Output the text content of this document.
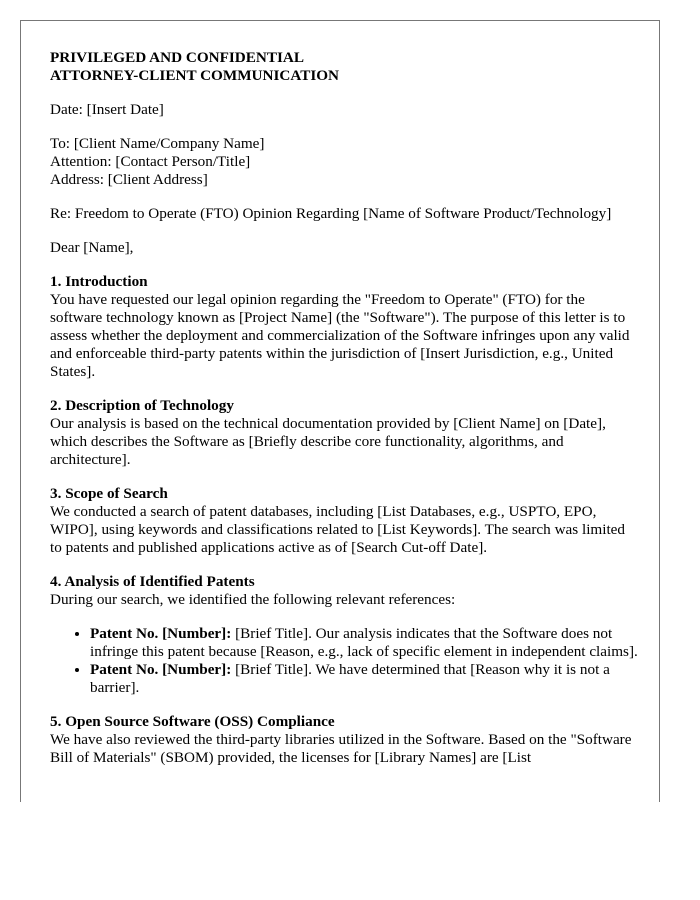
PRIVILEGED AND CONFIDENTIAL
ATTORNEY-CLIENT COMMUNICATION

Date: [Insert Date]

To: [Client Name/Company Name]
Attention: [Contact Person/Title]
Address: [Client Address]

Re: Freedom to Operate (FTO) Opinion Regarding [Name of Software Product/Technology]

Dear [Name],

1. Introduction

You have requested our legal opinion regarding the "Freedom to Operate" (FTO) for the software technology known as [Project Name] (the "Software"). The purpose of this letter is to assess whether the deployment and commercialization of the Software infringes upon any valid and enforceable third-party patents within the jurisdiction of [Insert Jurisdiction, e.g., United States].

2. Description of Technology

Our analysis is based on the technical documentation provided by [Client Name] on [Date], which describes the Software as [Briefly describe core functionality, algorithms, and architecture].

3. Scope of Search

We conducted a search of patent databases, including [List Databases, e.g., USPTO, EPO, WIPO], using keywords and classifications related to [List Keywords]. The search was limited to patents and published applications active as of [Search Cut-off Date].

4. Analysis of Identified Patents

During our search, we identified the following relevant references:

• Patent No. [Number]: [Brief Title]. Our analysis indicates that the Software does not infringe this patent because [Reason, e.g., lack of specific element in independent claims].
• Patent No. [Number]: [Brief Title]. We have determined that [Reason why it is not a barrier].
5. Open Source Software (OSS) Compliance

We have also reviewed the third-party libraries utilized in the Software. Based on the "Software Bill of Materials" (SBOM) provided, the licenses for [Library Names] are [List
